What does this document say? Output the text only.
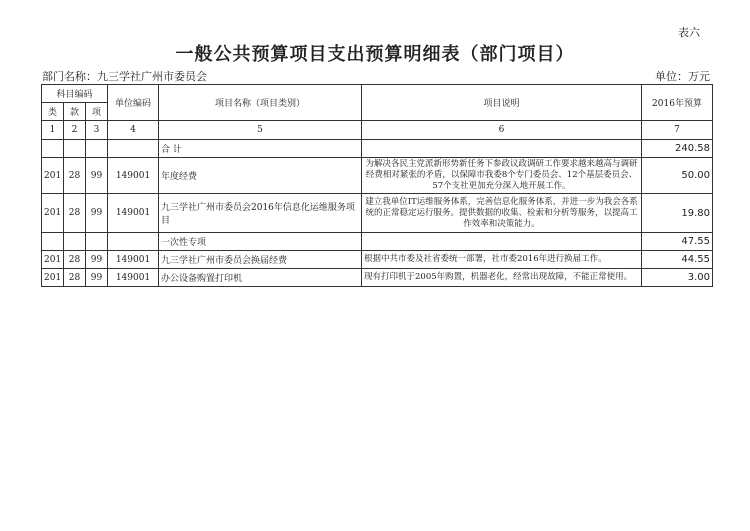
表六
一般公共预算项目支出预算明细表（部门项目）
部门名称：九三学社广州市委员会	单位：万元
科目编码			单位编码	项目名称（项目类别）	项目说明	2016年预算
类	款	项				
1	2	3	4	5	6	7
				合 计		240.58
201	28	99	149001	年度经费	为解决各民主党派新形势新任务下参政议政调研工作要求越来越高与调研经费相对紧张的矛盾，以保障市我委8个专门委员会、12个基层委员会、57个支社更加充分深入地开展工作。	50.00
201	28	99	149001	九三学社广州市委员会2016年信息化运维服务项目	建立我单位IT运维服务体系，完善信息化服务体系，并进一步为我会各系统的正常稳定运行服务。提供数据的收集、检索和分析等服务，以提高工作效率和决策能力。	19.80
				一次性专项		47.55
201	28	99	149001	九三学社广州市委员会换届经费	根据中共市委及社省委统一部署，社市委2016年进行换届工作。	44.55
201	28	99	149001	办公设备购置打印机	现有打印机于2005年购置，机器老化，经常出现故障，不能正常使用。	3.00
